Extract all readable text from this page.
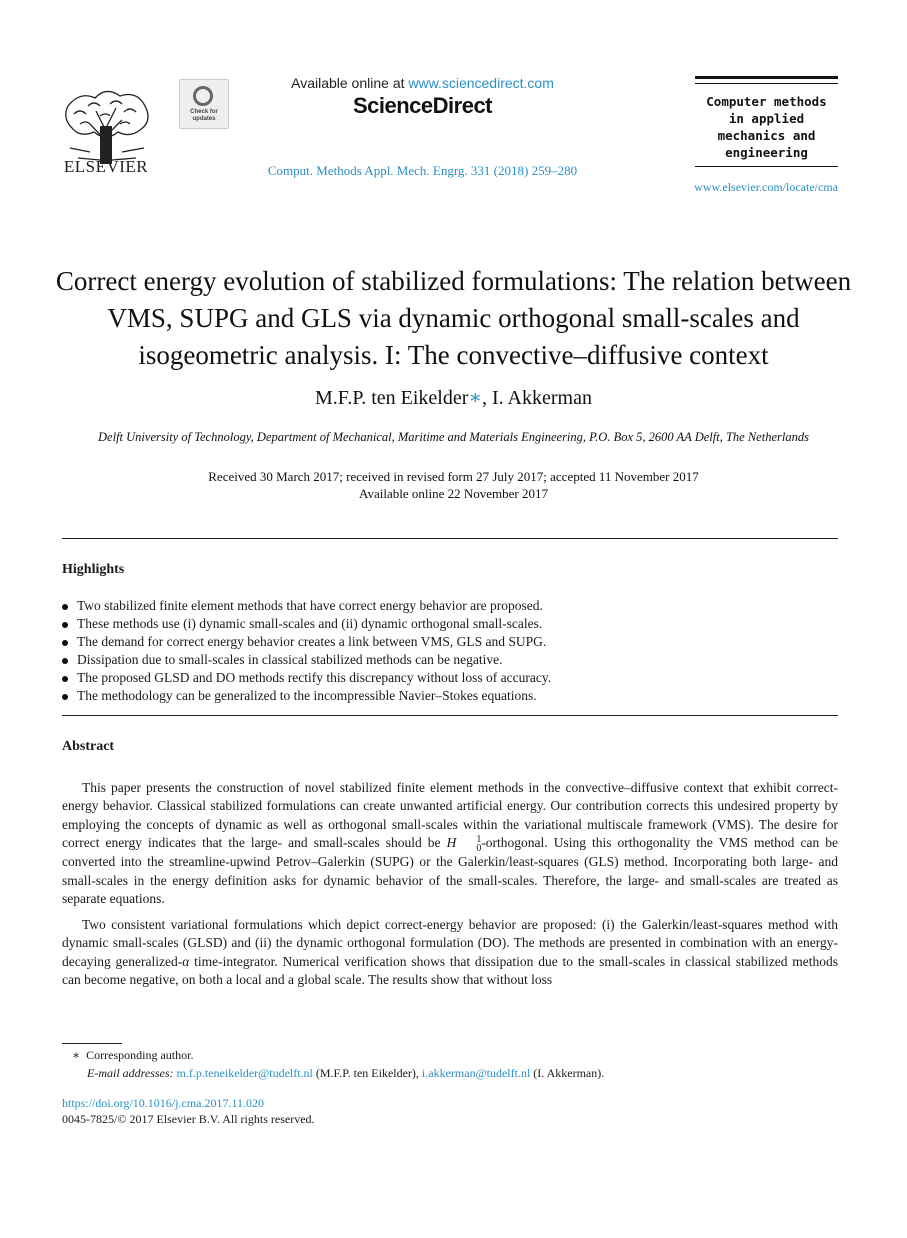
ELSEVIER
Check for updates
Available online at www.sciencedirect.com
ScienceDirect
Comput. Methods Appl. Mech. Engrg. 331 (2018) 259–280
Computer methods
in applied
mechanics and
engineering
www.elsevier.com/locate/cma
Correct energy evolution of stabilized formulations: The relation between VMS, SUPG and GLS via dynamic orthogonal small-scales and isogeometric analysis. I: The convective–diffusive context
M.F.P. ten Eikelder∗, I. Akkerman
Delft University of Technology, Department of Mechanical, Maritime and Materials Engineering, P.O. Box 5, 2600 AA Delft, The Netherlands
Received 30 March 2017; received in revised form 27 July 2017; accepted 11 November 2017
Available online 22 November 2017
Highlights
Two stabilized finite element methods that have correct energy behavior are proposed.
These methods use (i) dynamic small-scales and (ii) dynamic orthogonal small-scales.
The demand for correct energy behavior creates a link between VMS, GLS and SUPG.
Dissipation due to small-scales in classical stabilized methods can be negative.
The proposed GLSD and DO methods rectify this discrepancy without loss of accuracy.
The methodology can be generalized to the incompressible Navier–Stokes equations.
Abstract

This paper presents the construction of novel stabilized finite element methods in the convective–diffusive context that exhibit correct-energy behavior. Classical stabilized formulations can create unwanted artificial energy. Our contribution corrects this undesired property by employing the concepts of dynamic as well as orthogonal small-scales within the variational multiscale framework (VMS). The desire for correct energy indicates that the large- and small-scales should be H	1
0 -orthogonal. Using this orthogonality the VMS method can be converted into the streamline-upwind Petrov–Galerkin (SUPG) or the Galerkin/least-squares (GLS) method. Incorporating both large- and small-scales in the energy definition asks for dynamic behavior of the small-scales. Therefore, the large- and small-scales are treated as separate equations.

Two consistent variational formulations which depict correct-energy behavior are proposed: (i) the Galerkin/least-squares method with dynamic small-scales (GLSD) and (ii) the dynamic orthogonal formulation (DO). The methods are presented in combination with an energy-decaying generalized-α time-integrator. Numerical verification shows that dissipation due to the small-scales in classical stabilized methods can become negative, on both a local and a global scale. The results show that without loss

∗ Corresponding author.
E-mail addresses: m.f.p.teneikelder@tudelft.nl (M.F.P. ten Eikelder), i.akkerman@tudelft.nl (I. Akkerman).
https://doi.org/10.1016/j.cma.2017.11.020
0045-7825/© 2017 Elsevier B.V. All rights reserved.
